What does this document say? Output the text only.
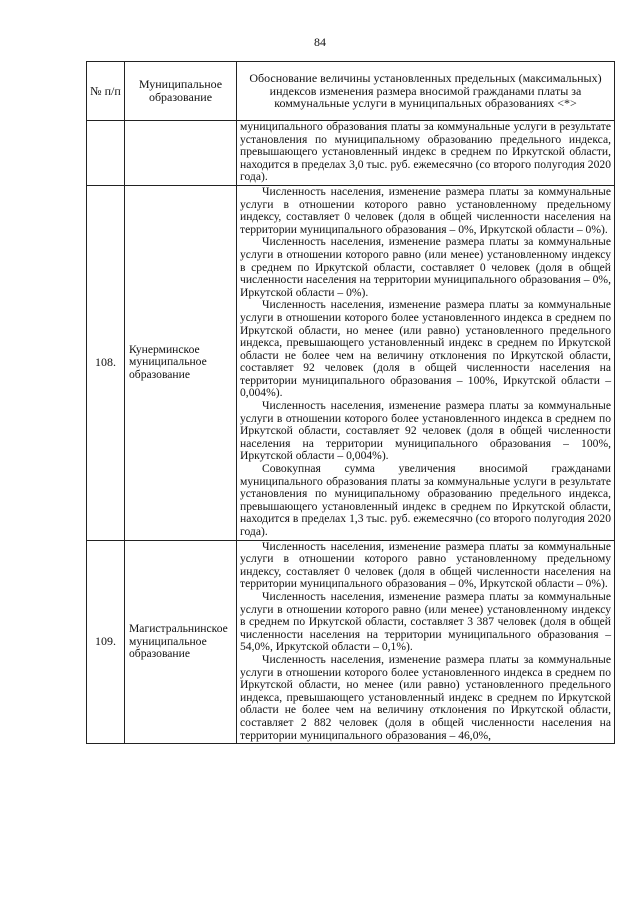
84
№ п/п	Муниципальное образование	Обоснование величины установленных предельных (максимальных) индексов изменения размера вносимой гражданами платы за коммунальные услуги в муниципальных образованиях <*>

		муниципального образования платы за коммунальные услуги в результате установления по муниципальному образованию предельного индекса, превышающего установленный индекс в среднем по Иркутской области, находится в пределах 3,0 тыс. руб. ежемесячно (со второго полугодия 2020 года).

108.	Кунерминское муниципальное образование	Численность населения, изменение размера платы за коммунальные услуги в отношении которого равно установленному предельному индексу, составляет 0 человек (доля в общей численности населения на территории муниципального образования – 0%, Иркутской области – 0%).

Численность населения, изменение размера платы за коммунальные услуги в отношении которого равно (или менее) установленному индексу в среднем по Иркутской области, составляет 0 человек (доля в общей численности населения на территории муниципального образования – 0%, Иркутской области – 0%).

Численность населения, изменение размера платы за коммунальные услуги в отношении которого более установленного индекса в среднем по Иркутской области, но менее (или равно) установленного предельного индекса, превышающего установленный индекс в среднем по Иркутской области не более чем на величину отклонения по Иркутской области, составляет 92 человек (доля в общей численности населения на территории муниципального образования – 100%, Иркутской области – 0,004%).

Численность населения, изменение размера платы за коммунальные услуги в отношении которого более установленного индекса в среднем по Иркутской области, составляет 92 человек (доля в общей численности населения на территории муниципального образования – 100%, Иркутской области – 0,004%).

Совокупная сумма увеличения вносимой гражданами муниципального образования платы за коммунальные услуги в результате установления по муниципальному образованию предельного индекса, превышающего установленный индекс в среднем по Иркутской области, находится в пределах 1,3 тыс. руб. ежемесячно (со второго полугодия 2020 года).

109.	Магистральнинское муниципальное образование	Численность населения, изменение размера платы за коммунальные услуги в отношении которого равно установленному предельному индексу, составляет 0 человек (доля в общей численности населения на территории муниципального образования – 0%, Иркутской области – 0%).

Численность населения, изменение размера платы за коммунальные услуги в отношении которого равно (или менее) установленному индексу в среднем по Иркутской области, составляет 3 387 человек (доля в общей численности населения на территории муниципального образования – 54,0%, Иркутской области – 0,1%).

Численность населения, изменение размера платы за коммунальные услуги в отношении которого более установленного индекса в среднем по Иркутской области, но менее (или равно) установленного предельного индекса, превышающего установленный индекс в среднем по Иркутской области не более чем на величину отклонения по Иркутской области, составляет 2 882 человек (доля в общей численности населения на территории муниципального образования – 46,0%,
